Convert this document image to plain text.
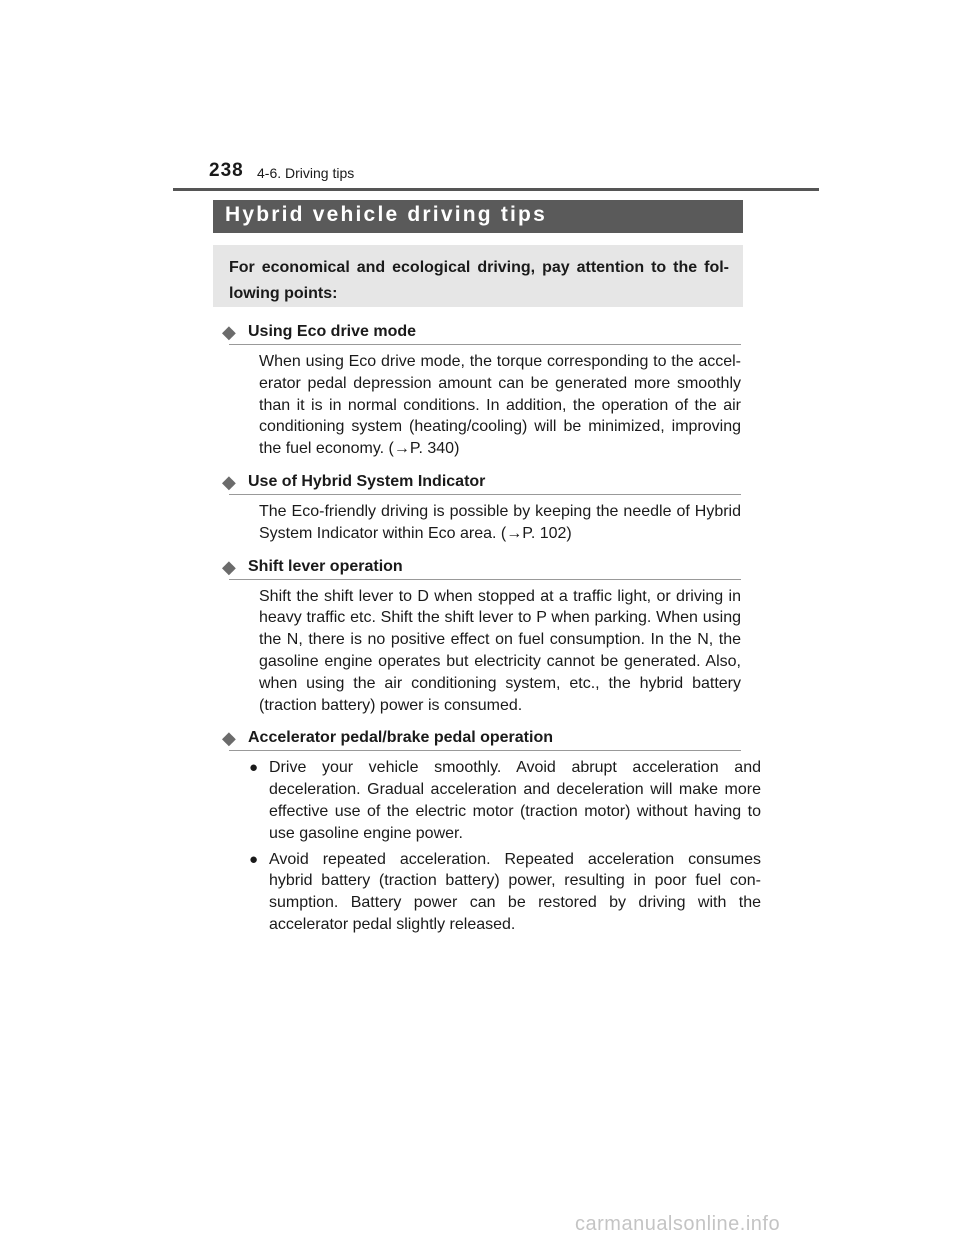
238 4-6. Driving tips
Hybrid vehicle driving tips
For economical and ecological driving, pay attention to the fol-lowing points:
◆ Using Eco drive mode
When using Eco drive mode, the torque corresponding to the accel-erator pedal depression amount can be generated more smoothly than it is in normal conditions. In addition, the operation of the air conditioning system (heating/cooling) will be minimized, improving the fuel economy. (→P. 340)
◆ Use of Hybrid System Indicator
The Eco-friendly driving is possible by keeping the needle of Hybrid System Indicator within Eco area. (→P. 102)
◆ Shift lever operation
Shift the shift lever to D when stopped at a traffic light, or driving in heavy traffic etc. Shift the shift lever to P when parking. When using the N, there is no positive effect on fuel consumption. In the N, the gasoline engine operates but electricity cannot be generated. Also, when using the air conditioning system, etc., the hybrid battery (traction battery) power is consumed.
◆ Accelerator pedal/brake pedal operation
● Drive your vehicle smoothly. Avoid abrupt acceleration and deceleration. Gradual acceleration and deceleration will make more effective use of the electric motor (traction motor) without having to use gasoline engine power.
● Avoid repeated acceleration. Repeated acceleration consumes hybrid battery (traction battery) power, resulting in poor fuel con-sumption. Battery power can be restored by driving with the accelerator pedal slightly released.
carmanualsonline.info
